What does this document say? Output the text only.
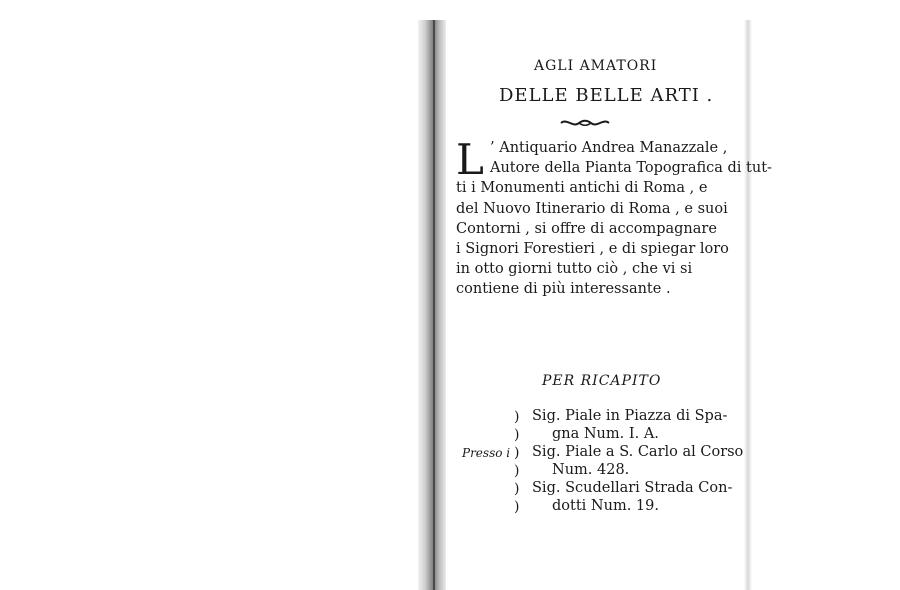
AGLI AMATORI
DELLE BELLE ARTI .
L ’ Antiquario Andrea Manazzale ,
Autore della Pianta Topografica di tut-
ti i Monumenti antichi di Roma , e
del Nuovo Itinerario di Roma , e suoi
Contorni , si offre di accompagnare
i Signori Forestieri , e di spiegar loro
in otto giorni tutto ciò , che vi si
contiene di più interessante .
PER RICAPITO
Presso i
)
)
)
)
)
)
Sig. Piale in Piazza di Spa-
gna Num. I. A.
Sig. Piale a S. Carlo al Corso
Num. 428.
Sig. Scudellari Strada Con-
dotti Num. 19.
